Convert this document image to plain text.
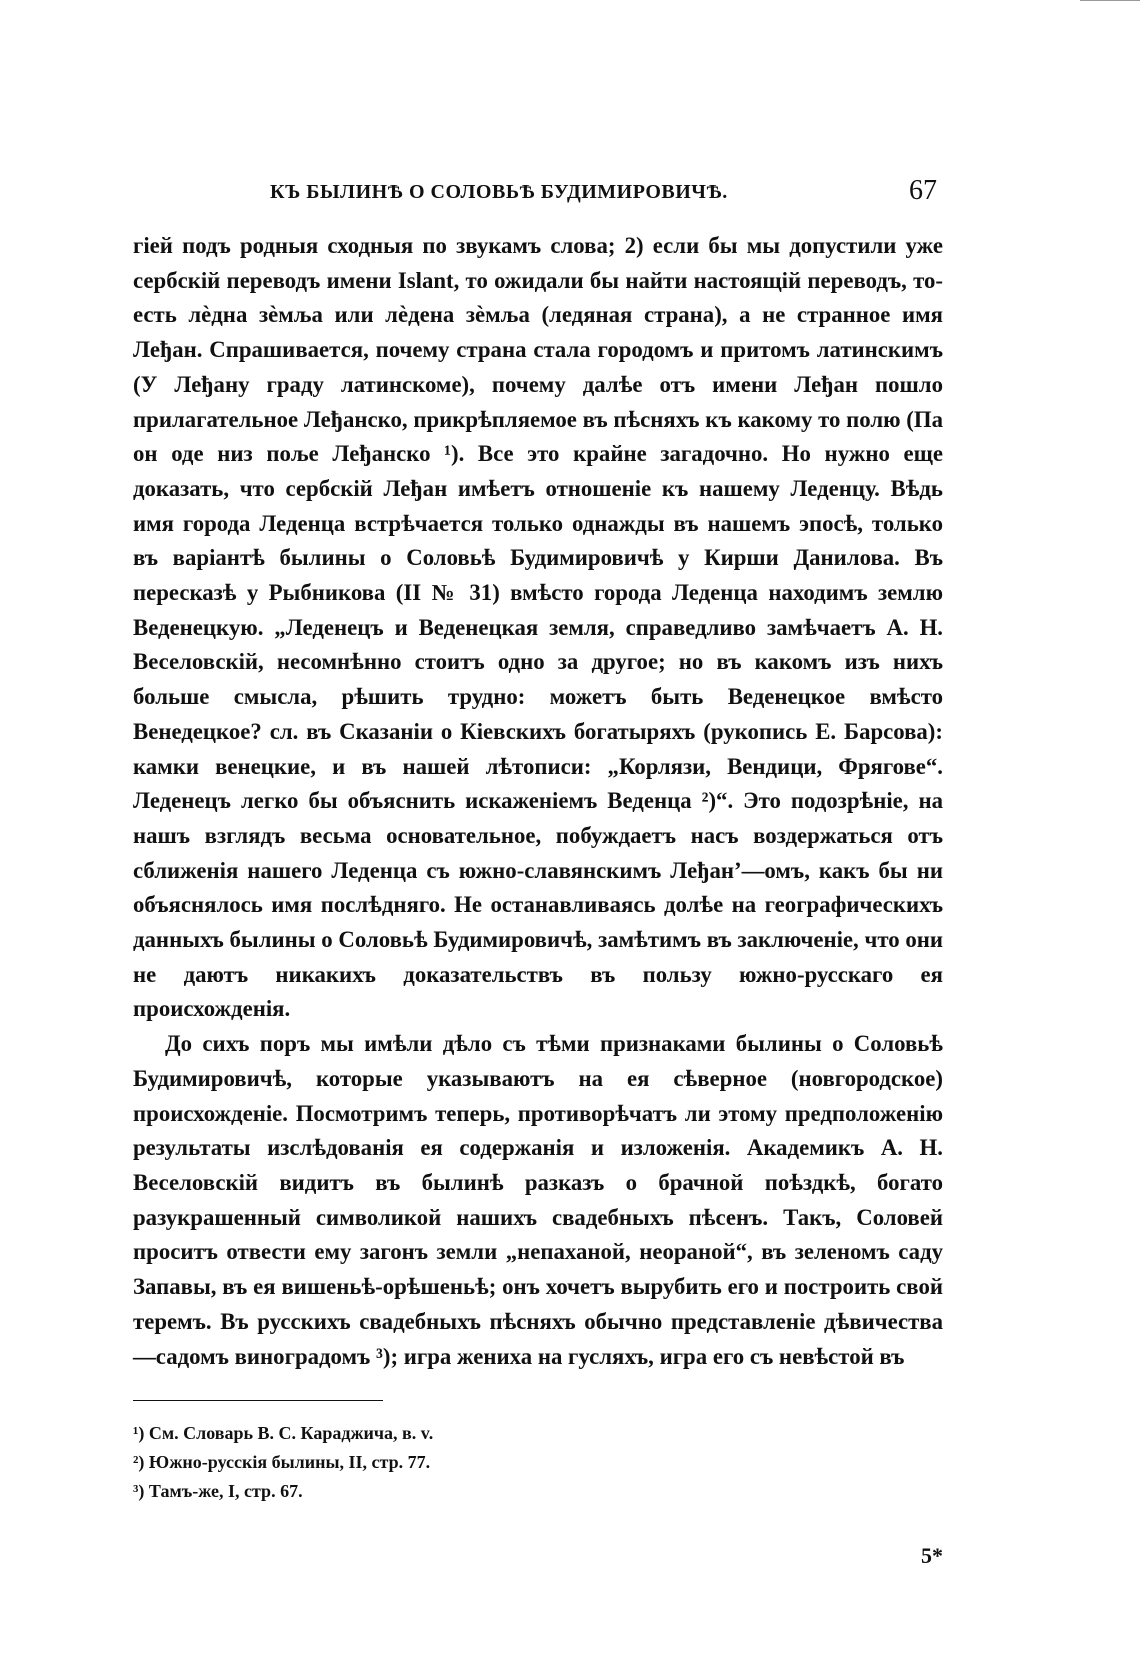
КЪ БЫЛИНѢ О СОЛОВЬѢ БУДИМИРОВИЧѢ.	67

гіей подъ родныя сходныя по звукамъ слова; 2) если бы мы допустили уже сербскій переводъ имени Islant, то ожидали бы найти настоящій переводъ, то-есть лѐдна зѐмља или лѐдена зѐмља (ледяная страна), а не странное имя Леђан. Спрашивается, почему страна стала городомъ и притомъ латинскимъ (У Леђану граду латинскоме), почему далѣе отъ имени Леђан пошло прилагательное Леђанско, прикрѣпляемое въ пѣсняхъ къ какому то полю (Па он оде низ поље Леђанско ¹). Все это крайне загадочно. Но нужно еще доказать, что сербскій Леђан имѣетъ отношеніе къ нашему Леденцу. Вѣдь имя города Леденца встрѣчается только однажды въ нашемъ эпосѣ, только въ варіантѣ былины о Соловьѣ Будимировичѣ у Кирши Данилова. Въ пересказѣ у Рыбникова (II № 31) вмѣсто города Леденца находимъ землю Веденецкую. „Леденецъ и Веденецкая земля, справедливо замѣчаетъ А. Н. Веселовскій, несомнѣнно стоитъ одно за другое; но въ какомъ изъ нихъ больше смысла, рѣшить трудно: можетъ быть Веденецкое вмѣсто Венедецкое? сл. въ Сказаніи о Кіевскихъ богатыряхъ (рукопись Е. Барсова): камки венецкие, и въ нашей лѣтописи: „Корлязи, Вендици, Фрягове“. Леденецъ легко бы объяснить искаженіемъ Веденца ²)“. Это подозрѣніе, на нашъ взглядъ весьма основательное, побуждаетъ насъ воздержаться отъ сближенія нашего Леденца съ южно-славянскимъ Леђан’—омъ, какъ бы ни объяснялось имя послѣдняго. Не останавливаясь долѣе на географическихъ данныхъ былины о Соловьѣ Будимировичѣ, замѣтимъ въ заключеніе, что они не даютъ никакихъ доказательствъ въ пользу южно-русскаго ея происхожденія.

До сихъ поръ мы имѣли дѣло съ тѣми признаками былины о Соловьѣ Будимировичѣ, которые указываютъ на ея сѣверное (новгородское) происхожденіе. Посмотримъ теперь, противорѣчатъ ли этому предположенію результаты изслѣдованія ея содержанія и изложенія. Академикъ А. Н. Веселовскій видитъ въ былинѣ разказъ о брачной поѣздкѣ, богато разукрашенный символикой нашихъ свадебныхъ пѣсенъ. Такъ, Соловей проситъ отвести ему загонъ земли „непаханой, неораной“, въ зеленомъ саду Запавы, въ ея вишеньѣ-орѣшеньѣ; онъ хочетъ вырубить его и построить свой теремъ. Въ русскихъ свадебныхъ пѣсняхъ обычно представленіе дѣвичества—садомъ виноградомъ ³); игра жениха на гусляхъ, игра его съ невѣстой въ

¹) См. Словарь В. С. Караджича, в. v.

²) Южно-русскія былины, II, стр. 77.

³) Тамъ-же, I, стр. 67.

5*
